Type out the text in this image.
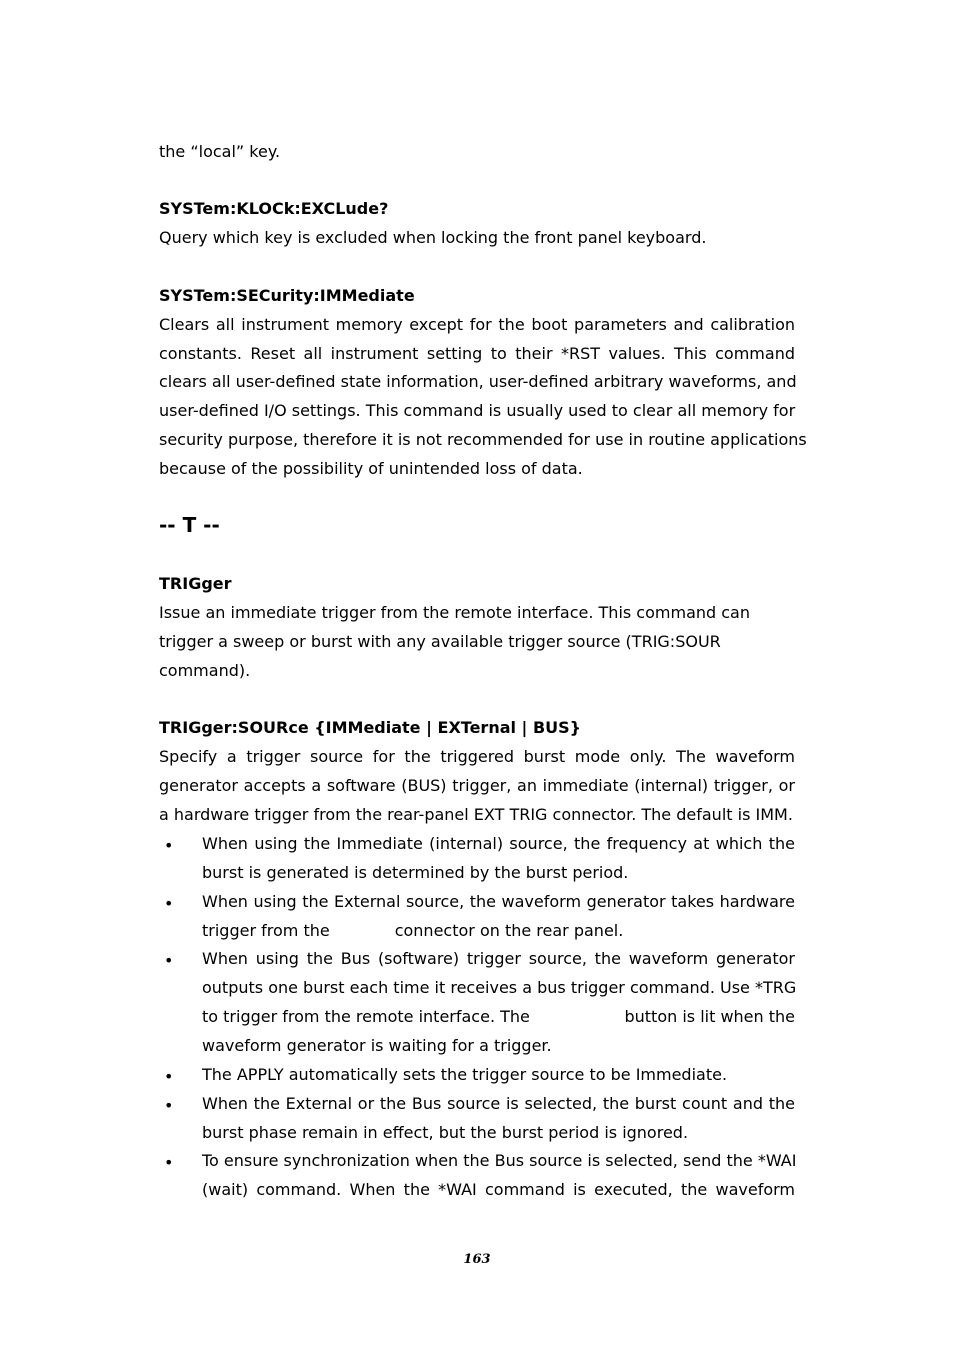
the “local” key.
SYSTem:KLOCk:EXCLude?
Query which key is excluded when locking the front panel keyboard.
SYSTem:SECurity:IMMediate
Clears all instrument memory except for the boot parameters and calibration
constants. Reset all instrument setting to their *RST values. This command
clears all user-defined state information, user-defined arbitrary waveforms, and
user-defined I/O settings. This command is usually used to clear all memory for
security purpose, therefore it is not recommended for use in routine applications
because of the possibility of unintended loss of data.
-- T --
TRIGger
Issue an immediate trigger from the remote interface. This command can
trigger a sweep or burst with any available trigger source (TRIG:SOUR
command).
TRIGger:SOURce {IMMediate | EXTernal | BUS}
Specify a trigger source for the triggered burst mode only. The waveform
generator accepts a software (BUS) trigger, an immediate (internal) trigger, or
a hardware trigger from the rear-panel EXT TRIG connector. The default is IMM.
• When using the Immediate (internal) source, the frequency at which the
burst is generated is determined by the burst period.
• When using the External source, the waveform generator takes hardware
trigger from the	connector on the rear panel.
• When using the Bus (software) trigger source, the waveform generator
outputs one burst each time it receives a bus trigger command. Use *TRG
to trigger from the remote interface. The	button is lit when the
waveform generator is waiting for a trigger.
• The APPLY automatically sets the trigger source to be Immediate.
• When the External or the Bus source is selected, the burst count and the
burst phase remain in effect, but the burst period is ignored.
• To ensure synchronization when the Bus source is selected, send the *WAI
(wait) command. When the *WAI command is executed, the waveform
163
